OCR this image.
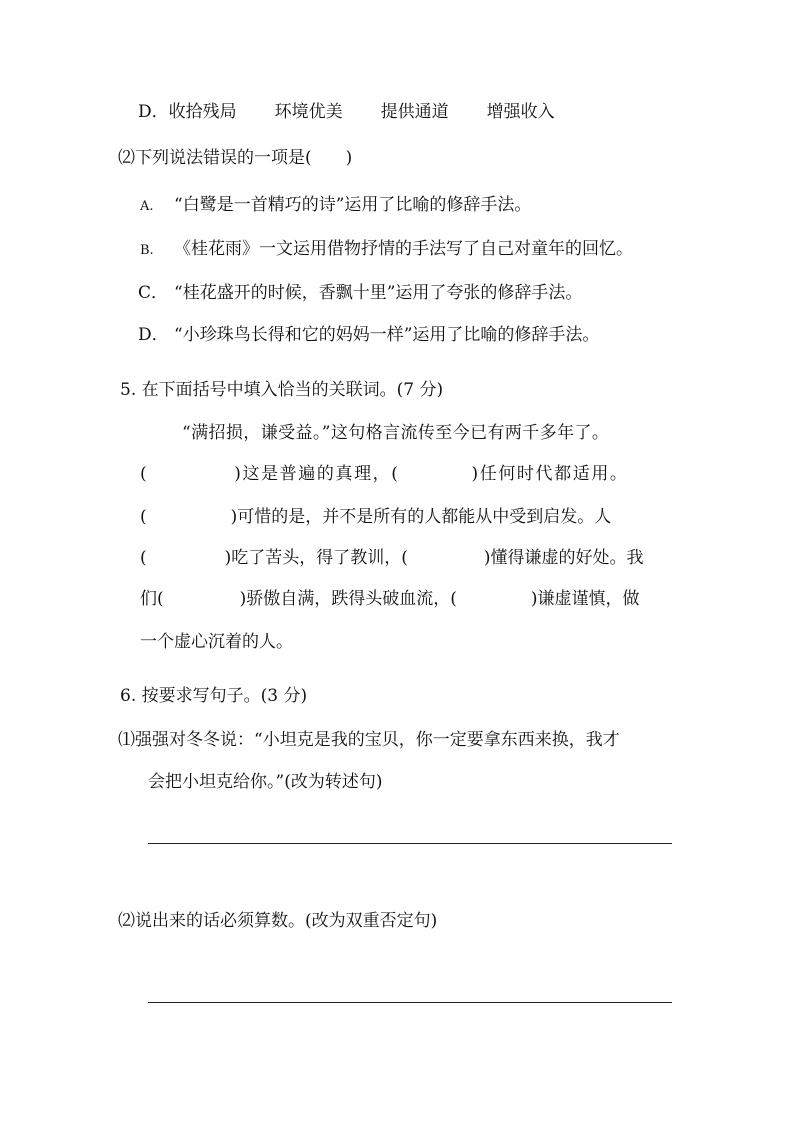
D．收拾残局 环境优美 提供通道 增强收入
⑵下列说法错误的一项是(　　)
A. “白鹭是一首精巧的诗”运用了比喻的修辞手法。
B. 《桂花雨》一文运用借物抒情的手法写了自己对童年的回忆。
C． “桂花盛开的时候，香飘十里”运用了夸张的修辞手法。
D． “小珍珠鸟长得和它的妈妈一样”运用了比喻的修辞手法。
5. 在下面括号中填入恰当的关联词。(7 分)
“满招损，谦受益。”这句格言流传至今已有两千多年了。
(	)这是普遍的真理，(	)任何时代都适用。
(	)可惜的是，并不是所有的人都能从中受到启发。人
(	)吃了苦头，得了教训，(	)懂得谦虚的好处。我
们(	)骄傲自满，跌得头破血流，(	)谦虚谨慎，做
一个虚心沉着的人。
6. 按要求写句子。(3 分)
⑴强强对冬冬说：“小坦克是我的宝贝，你一定要拿东西来换，我才
会把小坦克给你。”(改为转述句)
⑵说出来的话必须算数。(改为双重否定句)
